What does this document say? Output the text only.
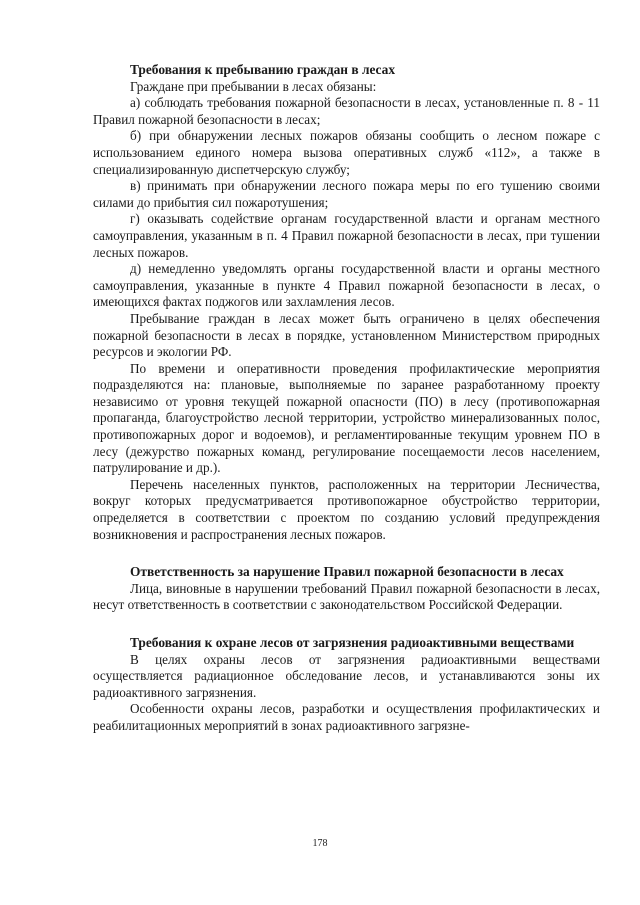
Требования к пребыванию граждан в лесах

Граждане при пребывании в лесах обязаны:

а) соблюдать требования пожарной безопасности в лесах, установленные п. 8 - 11 Правил пожарной безопасности в лесах;

б) при обнаружении лесных пожаров обязаны сообщить о лесном пожаре с использованием единого номера вызова оперативных служб «112», а также в специализированную диспетчерскую службу;

в) принимать при обнаружении лесного пожара меры по его тушению своими силами до прибытия сил пожаротушения;

г) оказывать содействие органам государственной власти и органам местного самоуправления, указанным в п. 4 Правил пожарной безопасности в лесах, при тушении лесных пожаров.

д) немедленно уведомлять органы государственной власти и органы местного самоуправления, указанные в пункте 4 Правил пожарной безопасности в лесах, о имеющихся фактах поджогов или захламления лесов.

Пребывание граждан в лесах может быть ограничено в целях обеспечения пожарной безопасности в лесах в порядке, установленном Министерством природных ресурсов и экологии РФ.

По времени и оперативности проведения профилактические мероприятия подразделяются на: плановые, выполняемые по заранее разработанному проекту независимо от уровня текущей пожарной опасности (ПО) в лесу (противопожарная пропаганда, благоустройство лесной территории, устройство минерализованных полос, противопожарных дорог и водоемов), и регламентированные текущим уровнем ПО в лесу (дежурство пожарных команд, регулирование посещаемости лесов населением, патрулирование и др.).

Перечень населенных пунктов, расположенных на территории Лесничества, вокруг которых предусматривается противопожарное обустройство территории, определяется в соответствии с проектом по созданию условий предупреждения возникновения и распространения лесных пожаров.

Ответственность за нарушение Правил пожарной безопасности в лесах

Лица, виновные в нарушении требований Правил пожарной безопасности в лесах, несут ответственность в соответствии с законодательством Российской Федерации.

Требования к охране лесов от загрязнения радиоактивными веществами

В целях охраны лесов от загрязнения радиоактивными веществами осуществляется радиационное обследование лесов, и устанавливаются зоны их радиоактивного загрязнения.

Особенности охраны лесов, разработки и осуществления профилактических и реабилитационных мероприятий в зонах радиоактивного загрязне-

178
